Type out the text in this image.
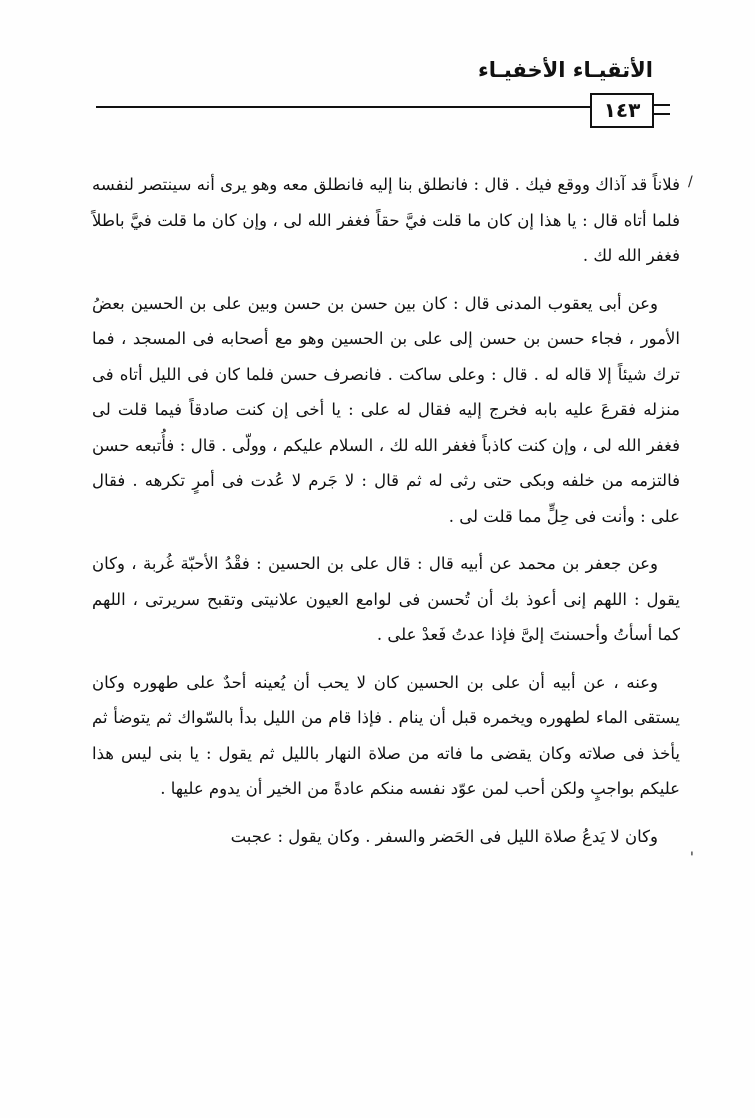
الأتقيـاء الأخفيـاء
١٤٣
/
'

فلاناً قد آذاك ووقع فيك . قال : فانطلق بنا إليه فانطلق معه وهو يرى أنه سينتصر لنفسه فلما أتاه قال : يا هذا إن كان ما قلت فيَّ حقاً فغفر الله لى ، وإن كان ما قلت فيَّ باطلاً فغفر الله لك .

وعن أبى يعقوب المدنى قال : كان بين حسن بن حسن وبين على بن الحسين بعضُ الأمور ، فجاء حسن بن حسن إلى على بن الحسين وهو مع أصحابه فى المسجد ، فما ترك شيئاً إلا قاله له . قال : وعلى ساكت . فانصرف حسن فلما كان فى الليل أتاه فى منزله فقرعَ عليه بابه فخرج إليه فقال له على : يا أخى إن كنت صادقاً فيما قلت لى فغفر الله لى ، وإن كنت كاذباً فغفر الله لك ، السلام عليكم ، وولّى . قال : فأُتبعه حسن فالتزمه من خلفه وبكى حتى رثى له ثم قال : لا جَرم لا عُدت فى أمرٍ تكرهه . فقال على : وأنت فى حِلٍّ مما قلت لى .

وعن جعفر بن محمد عن أبيه قال : قال على بن الحسين : فقْدُ الأحبّة غُربة ، وكان يقول : اللهم إنى أعوذ بك أن تُحسن فى لوامع العيون علانيتى وتقبح سريرتى ، اللهم كما أسأتُ وأحسنتَ إلىَّ فإذا عدتُ فَعدْ على .

وعنه ، عن أبيه أن على بن الحسين كان لا يحب أن يُعينه أحدٌ على طهوره وكان يستقى الماء لطهوره ويخمره قبل أن ينام . فإذا قام من الليل بدأ بالسّواك ثم يتوضأ ثم يأخذ فى صلاته وكان يقضى ما فاته من صلاة النهار بالليل ثم يقول : يا بنى ليس هذا عليكم بواجبٍ ولكن أحب لمن عوّد نفسه منكم عادةً من الخير أن يدوم عليها .

وكان لا يَدعُ صلاة الليل فى الحَضر والسفر . وكان يقول : عجبت
